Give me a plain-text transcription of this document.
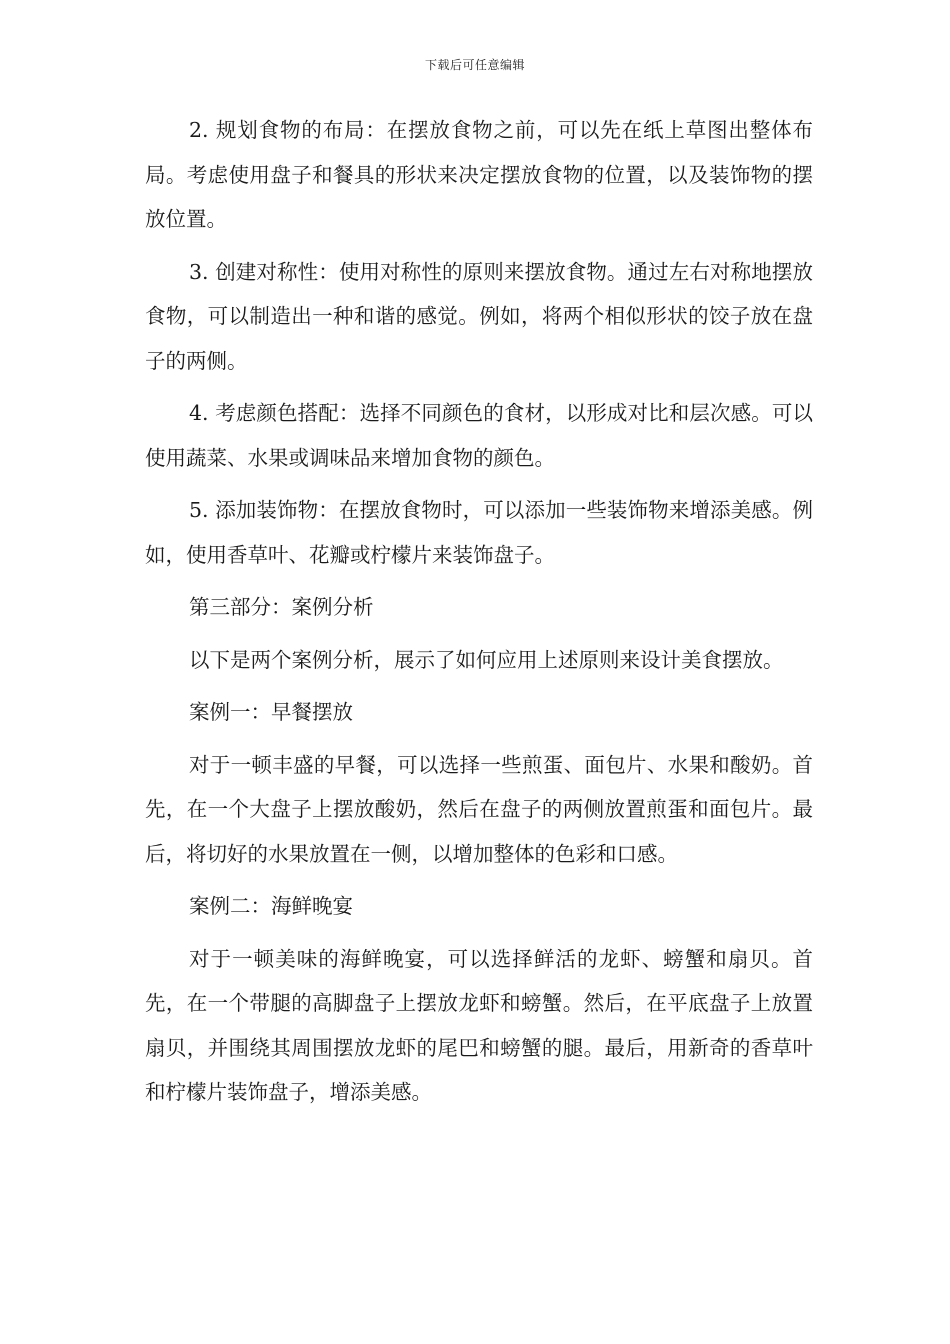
下载后可任意编辑

2. 规划食物的布局：在摆放食物之前，可以先在纸上草图出整体布局。考虑使用盘子和餐具的形状来决定摆放食物的位置，以及装饰物的摆放位置。

3. 创建对称性：使用对称性的原则来摆放食物。通过左右对称地摆放食物，可以制造出一种和谐的感觉。例如，将两个相似形状的饺子放在盘子的两侧。

4. 考虑颜色搭配：选择不同颜色的食材，以形成对比和层次感。可以使用蔬菜、水果或调味品来增加食物的颜色。

5. 添加装饰物：在摆放食物时，可以添加一些装饰物来增添美感。例如，使用香草叶、花瓣或柠檬片来装饰盘子。

第三部分：案例分析

以下是两个案例分析，展示了如何应用上述原则来设计美食摆放。

案例一：早餐摆放

对于一顿丰盛的早餐，可以选择一些煎蛋、面包片、水果和酸奶。首先，在一个大盘子上摆放酸奶，然后在盘子的两侧放置煎蛋和面包片。最后，将切好的水果放置在一侧，以增加整体的色彩和口感。

案例二：海鲜晚宴

对于一顿美味的海鲜晚宴，可以选择鲜活的龙虾、螃蟹和扇贝。首先，在一个带腿的高脚盘子上摆放龙虾和螃蟹。然后，在平底盘子上放置扇贝，并围绕其周围摆放龙虾的尾巴和螃蟹的腿。最后，用新奇的香草叶和柠檬片装饰盘子，增添美感。
